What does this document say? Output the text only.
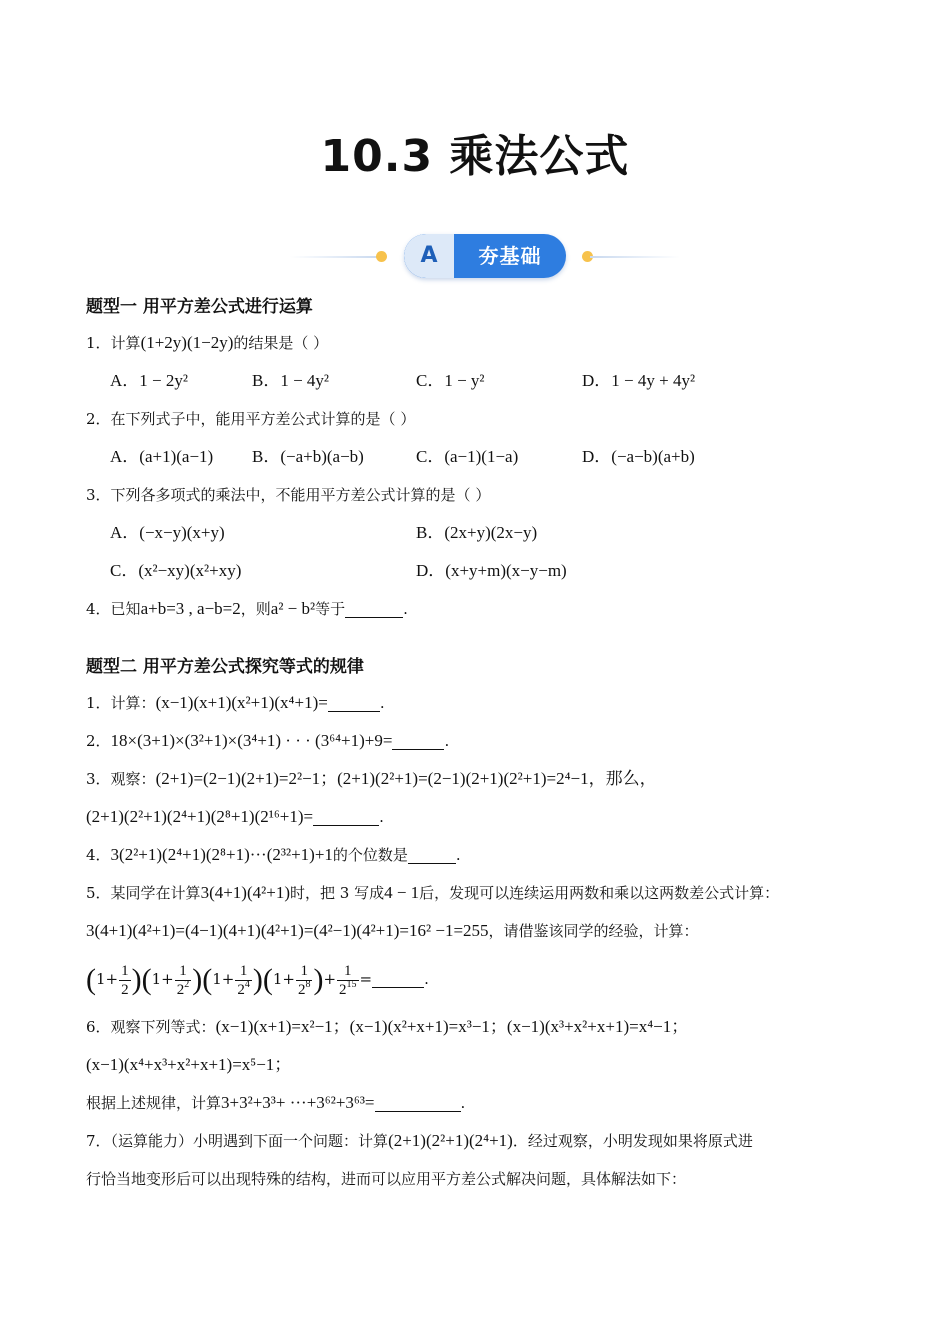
10.3 乘法公式
A	夯基础
题型一 用平方差公式进行运算
1．计算(1+2y)(1−2y)的结果是（ ）
A．1 − 2y²	B．1 − 4y²	C．1 − y²	D．1 − 4y + 4y²
2．在下列式子中，能用平方差公式计算的是（ ）
A．(a+1)(a−1) B．(−a+b)(a−b)	C．(a−1)(1−a)	D．(−a−b)(a+b)
3．下列各多项式的乘法中，不能用平方差公式计算的是（ ）
A．(−x−y)(x+y)	B．(2x+y)(2x−y)
C．(x²−xy)(x²+xy)	D．(x+y+m)(x−y−m)
4．已知a+b=3 , a−b=2，则a² − b²等于	.
题型二 用平方差公式探究等式的规律
1．计算：(x−1)(x+1)(x²+1)(x⁴+1)=	.
2．18×(3+1)×(3²+1)×(3⁴+1) · · · (3⁶⁴+1)+9=	.
3．观察：(2+1)=(2−1)(2+1)=2²−1；(2+1)(2²+1)=(2−1)(2+1)(2²+1)=2⁴−1，那么，
(2+1)(2²+1)(2⁴+1)(2⁸+1)(2¹⁶+1)=	.
4．3(2²+1)(2⁴+1)(2⁸+1)···(2³²+1)+1的个位数是	.
5．某同学在计算3(4+1)(4²+1)时，把 3 写成4 − 1后，发现可以连续运用两数和乘以这两数差公式计算：
3(4+1)(4²+1)=(4−1)(4+1)(4²+1)=(4²−1)(4²+1)=16² −1=255，请借鉴该同学的经验，计算：
$(1+ \frac{1}{2} )(1+ \frac{1}{2^2} )(1+ \frac{1}{2^4} )(1+ \frac{1}{2^8}$ )+ $\frac{1}{2^{15}}$ =	.
6．观察下列等式：(x−1)(x+1)=x²−1；(x−1)(x²+x+1)=x³−1；(x−1)(x³+x²+x+1)=x⁴−1；
(x−1)(x⁴+x³+x²+x+1)=x⁵−1；
根据上述规律，计算3+3²+3³+ ···+3⁶²+3⁶³=	.
7．（运算能力）小明遇到下面一个问题：计算(2+1)(2²+1)(2⁴+1)．经过观察，小明发现如果将原式进
行恰当地变形后可以出现特殊的结构，进而可以应用平方差公式解决问题，具体解法如下：
